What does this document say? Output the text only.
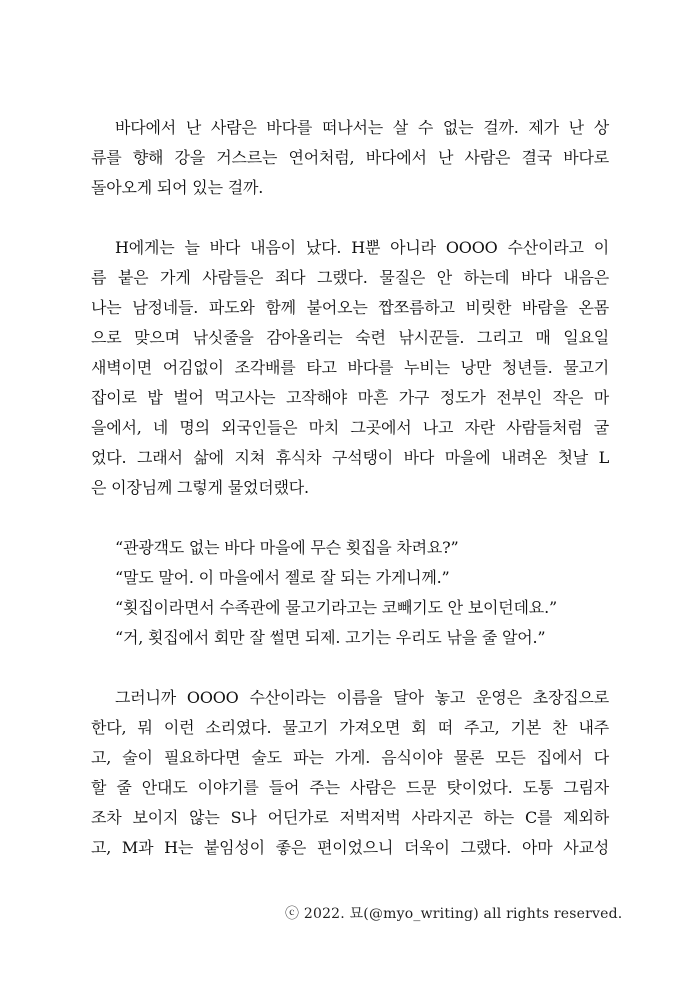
바다에서 난 사람은 바다를 떠나서는 살 수 없는 걸까. 제가 난 상
류를 향해 강을 거스르는 연어처럼, 바다에서 난 사람은 결국 바다로
돌아오게 되어 있는 걸까.
H에게는 늘 바다 내음이 났다. H뿐 아니라 OOOO 수산이라고 이
름 붙은 가게 사람들은 죄다 그랬다. 물질은 안 하는데 바다 내음은
나는 남정네들. 파도와 함께 불어오는 짭쪼름하고 비릿한 바람을 온몸
으로 맞으며 낚싯줄을 감아올리는 숙련 낚시꾼들. 그리고 매 일요일
새벽이면 어김없이 조각배를 타고 바다를 누비는 낭만 청년들. 물고기
잡이로 밥 벌어 먹고사는 고작해야 마흔 가구 정도가 전부인 작은 마
을에서, 네 명의 외국인들은 마치 그곳에서 나고 자란 사람들처럼 굴
었다. 그래서 삶에 지쳐 휴식차 구석탱이 바다 마을에 내려온 첫날 L
은 이장님께 그렇게 물었더랬다.

“관광객도 없는 바다 마을에 무슨 횟집을 차려요?”

“말도 말어. 이 마을에서 젤로 잘 되는 가게니께.”

“횟집이라면서 수족관에 물고기라고는 코빼기도 안 보이던데요.”

“거, 횟집에서 회만 잘 썰면 되제. 고기는 우리도 낚을 줄 알어.”

그러니까 OOOO 수산이라는 이름을 달아 놓고 운영은 초장집으로
한다, 뭐 이런 소리였다. 물고기 가져오면 회 떠 주고, 기본 찬 내주
고, 술이 필요하다면 술도 파는 가게. 음식이야 물론 모든 집에서 다
할 줄 안대도 이야기를 들어 주는 사람은 드문 탓이었다. 도통 그림자
조차 보이지 않는 S나 어딘가로 저벅저벅 사라지곤 하는 C를 제외하
고, M과 H는 붙임성이 좋은 편이었으니 더욱이 그랬다. 아마 사교성
ⓒ 2022. 묘(@myo_writing) all rights reserved.
